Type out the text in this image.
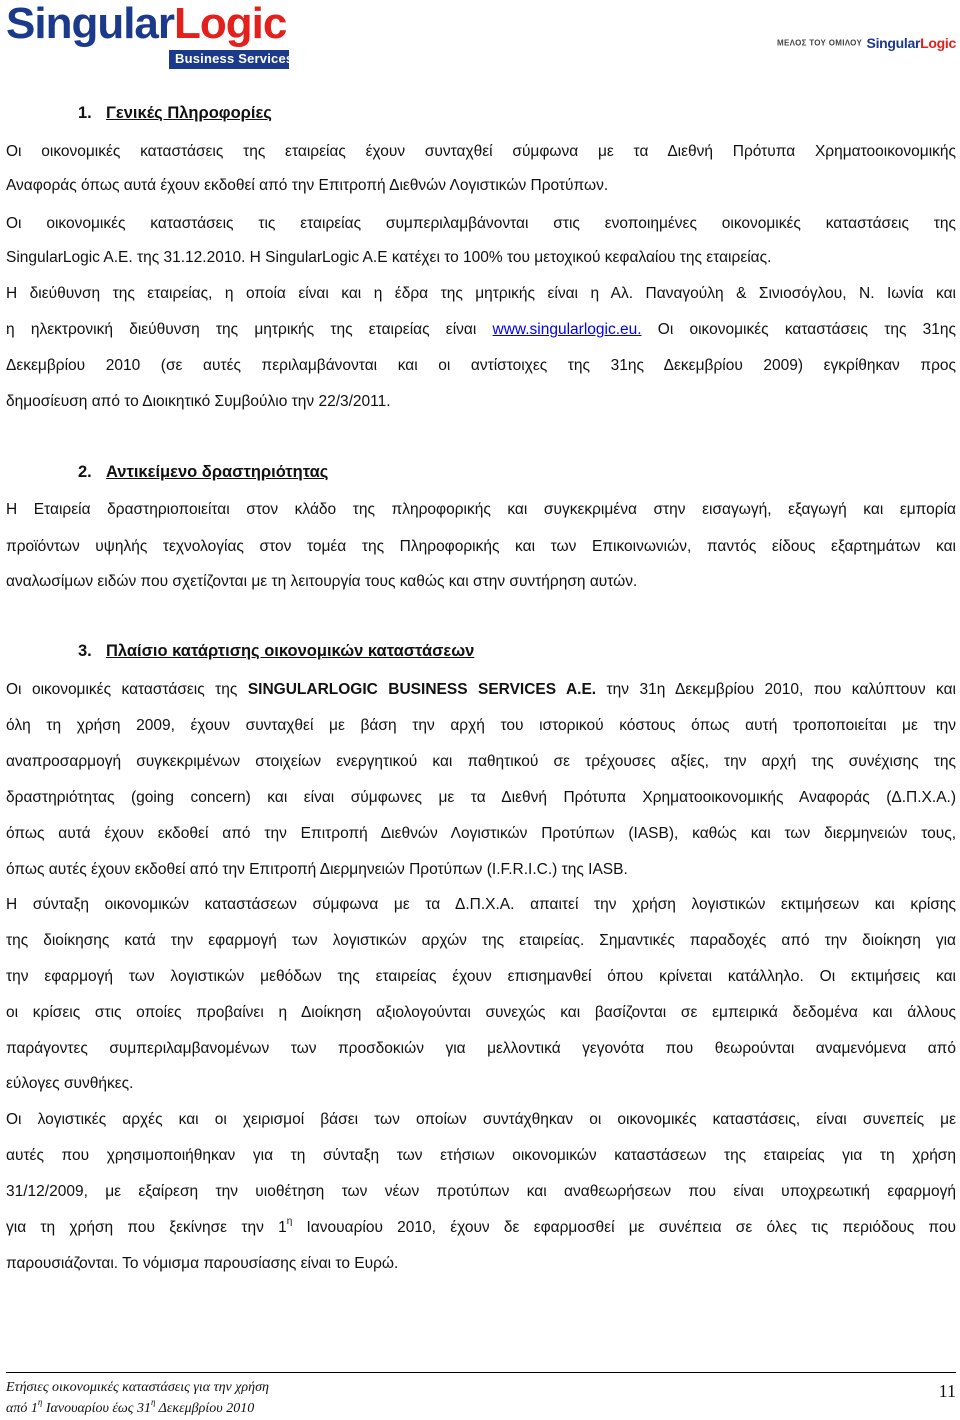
SingularLogic
Business Services
ΜΕΛΟΣ ΤΟΥ ΟΜΙΛΟΥ SingularLogic
1. Γενικές Πληροφορίες
Οι οικονομικές καταστάσεις της εταιρείας έχουν συνταχθεί σύμφωνα με τα Διεθνή Πρότυπα Χρηματοοικονομικής
Αναφοράς όπως αυτά έχουν εκδοθεί από την Επιτροπή Διεθνών Λογιστικών Προτύπων.
Οι οικονομικές καταστάσεις τις εταιρείας συμπεριλαμβάνονται στις ενοποιημένες οικονομικές καταστάσεις της
SingularLogic A.E. της 31.12.2010. Η SingularLogic A.E κατέχει το 100% του μετοχικού κεφαλαίου της εταιρείας.
Η διεύθυνση της εταιρείας, η οποία είναι και η έδρα της μητρικής είναι η Αλ. Παναγούλη & Σινιοσόγλου, Ν. Ιωνία και
η ηλεκτρονική διεύθυνση της μητρικής της εταιρείας είναι www.singularlogic.eu. Οι οικονομικές καταστάσεις της 31ης
Δεκεμβρίου 2010 (σε αυτές περιλαμβάνονται και οι αντίστοιχες της 31ης Δεκεμβρίου 2009) εγκρίθηκαν προς
δημοσίευση από το Διοικητικό Συμβούλιο την 22/3/2011.
2. Αντικείμενο δραστηριότητας
Η Εταιρεία δραστηριοποιείται στον κλάδο της πληροφορικής και συγκεκριμένα στην εισαγωγή, εξαγωγή και εμπορία
προϊόντων υψηλής τεχνολογίας στον τομέα της Πληροφορικής και των Επικοινωνιών, παντός είδους εξαρτημάτων και
αναλωσίμων ειδών που σχετίζονται με τη λειτουργία τους καθώς και στην συντήρηση αυτών.
3. Πλαίσιο κατάρτισης οικονομικών καταστάσεων
Οι οικονομικές καταστάσεις της SINGULARLOGIC BUSINESS SERVICES A.E. την 31η Δεκεμβρίου 2010, που καλύπτουν και
όλη τη χρήση 2009, έχουν συνταχθεί με βάση την αρχή του ιστορικού κόστους όπως αυτή τροποποιείται με την
αναπροσαρμογή συγκεκριμένων στοιχείων ενεργητικού και παθητικού σε τρέχουσες αξίες, την αρχή της συνέχισης της
δραστηριότητας (going concern) και είναι σύμφωνες με τα Διεθνή Πρότυπα Χρηματοοικονομικής Αναφοράς (Δ.Π.Χ.Α.)
όπως αυτά έχουν εκδοθεί από την Επιτροπή Διεθνών Λογιστικών Προτύπων (IASB), καθώς και των διερμηνειών τους,
όπως αυτές έχουν εκδοθεί από την Επιτροπή Διερμηνειών Προτύπων (I.F.R.I.C.) της IASB.
Η σύνταξη οικονομικών καταστάσεων σύμφωνα με τα Δ.Π.Χ.Α. απαιτεί την χρήση λογιστικών εκτιμήσεων και κρίσης
της διοίκησης κατά την εφαρμογή των λογιστικών αρχών της εταιρείας. Σημαντικές παραδοχές από την διοίκηση για
την εφαρμογή των λογιστικών μεθόδων της εταιρείας έχουν επισημανθεί όπου κρίνεται κατάλληλο. Οι εκτιμήσεις και
οι κρίσεις στις οποίες προβαίνει η Διοίκηση αξιολογούνται συνεχώς και βασίζονται σε εμπειρικά δεδομένα και άλλους
παράγοντες συμπεριλαμβανομένων των προσδοκιών για μελλοντικά γεγονότα που θεωρούνται αναμενόμενα από
εύλογες συνθήκες.
Οι λογιστικές αρχές και οι χειρισμοί βάσει των οποίων συντάχθηκαν οι οικονομικές καταστάσεις, είναι συνεπείς με
αυτές που χρησιμοποιήθηκαν για τη σύνταξη των ετήσιων οικονομικών καταστάσεων της εταιρείας για τη χρήση
31/12/2009, με εξαίρεση την υιοθέτηση των νέων προτύπων και αναθεωρήσεων που είναι υποχρεωτική εφαρμογή
για τη χρήση που ξεκίνησε την $1^\eta$ Ιανουαρίου 2010, έχουν δε εφαρμοσθεί με συνέπεια σε όλες τις περιόδους που
παρουσιάζονται. Το νόμισμα παρουσίασης είναι το Ευρώ.
Ετήσιες οικονομικές καταστάσεις για την χρήση
από $1^\eta$ Ιανουαρίου έως $31^\eta$ Δεκεμβρίου 2010
11
